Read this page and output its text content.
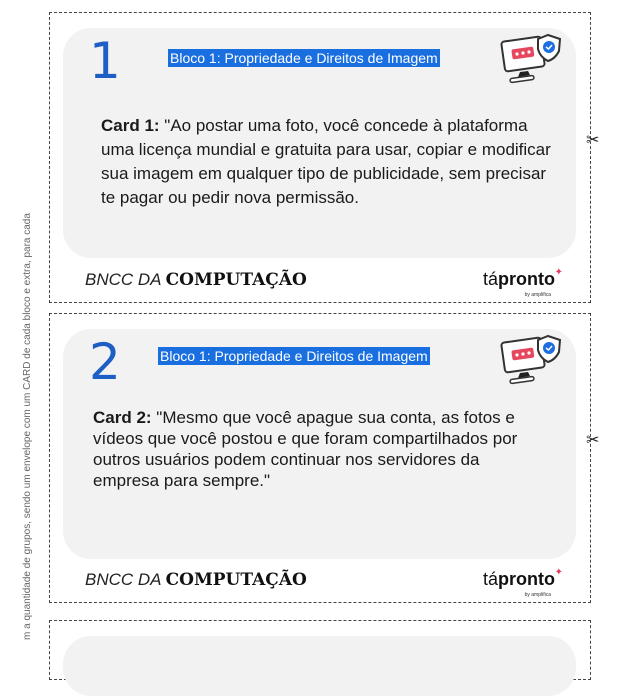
m a quantidade de grupos, sendo um envelope com um CARD de cada bloco e extra, para cada
1	Bloco 1: Propriedade e Direitos de Imagem
Card 1: "Ao postar uma foto, você concede à plataforma uma licença mundial e gratuita para usar, copiar e modificar sua imagem em qualquer tipo de publicidade, sem precisar te pagar ou pedir nova permissão.
BNCC DA COMPUTAÇÃO	tápronto ✦
by amplifica
✂
2	Bloco 1: Propriedade e Direitos de Imagem
Card 2: "Mesmo que você apague sua conta, as fotos e vídeos que você postou e que foram compartilhados por outros usuários podem continuar nos servidores da empresa para sempre."
BNCC DA COMPUTAÇÃO	tápronto ✦
by amplifica
✂
